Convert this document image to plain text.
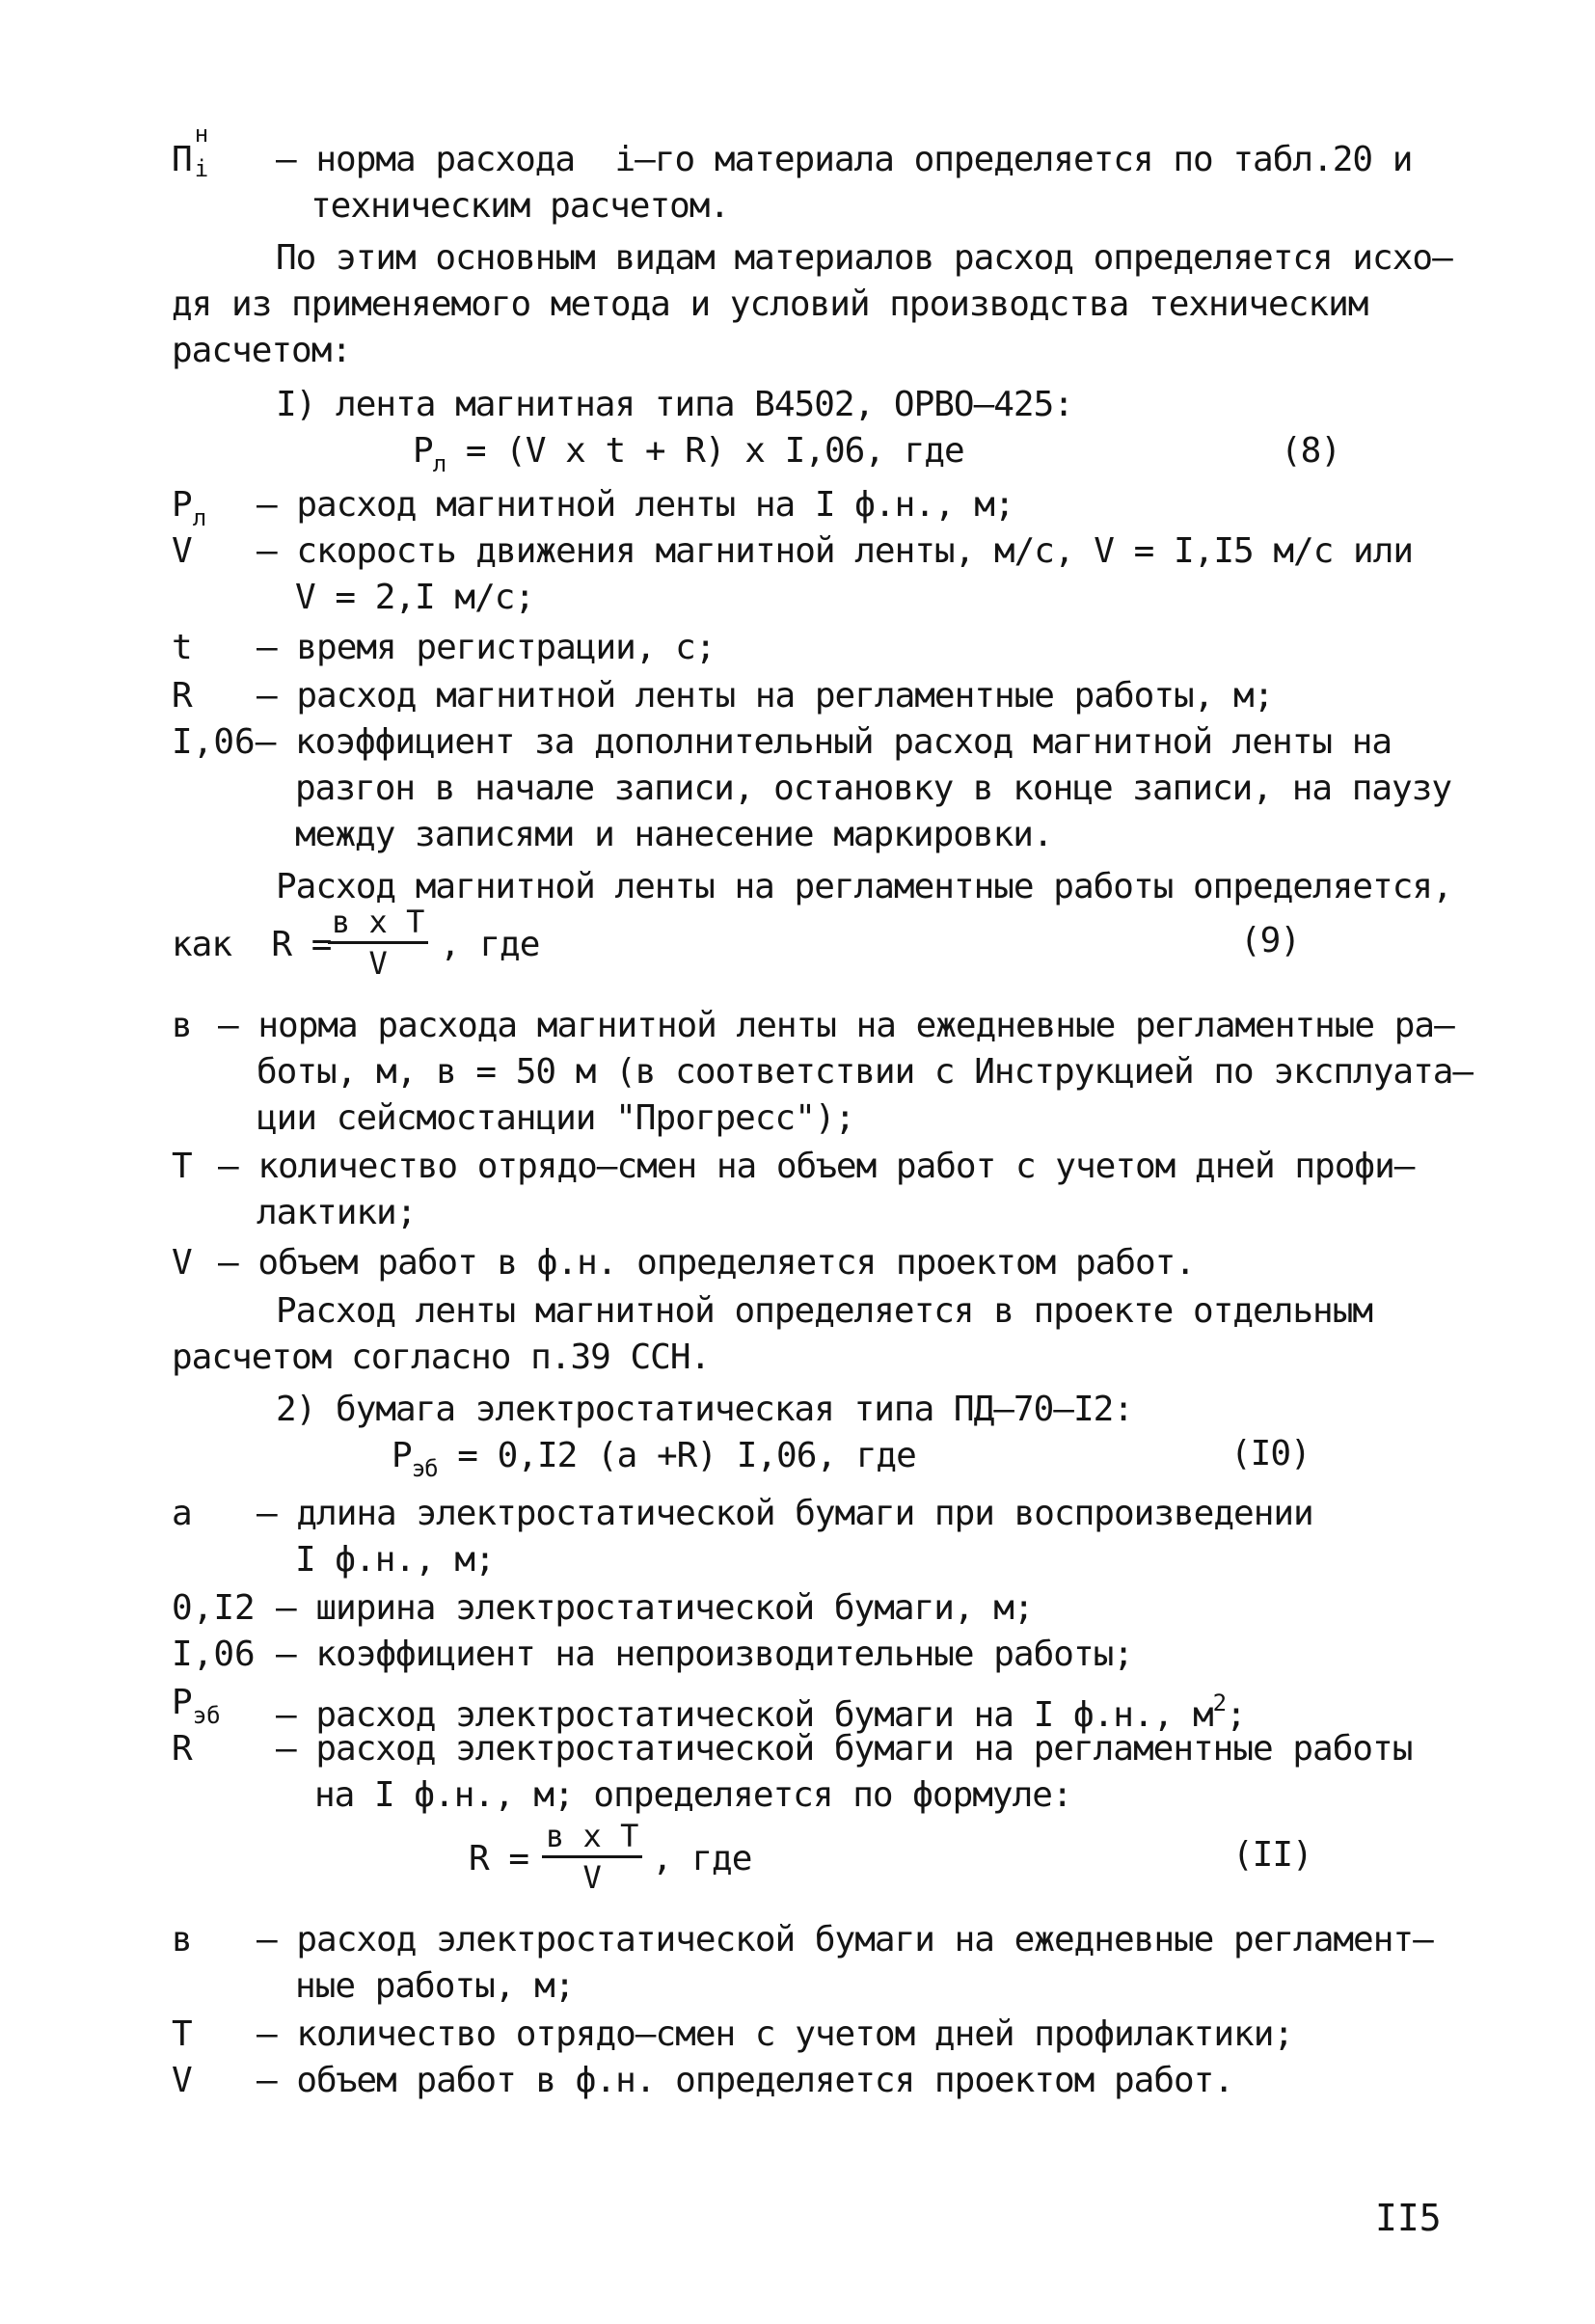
П
н
i – норма расхода  i–го материала определяется по табл.20 и
техническим расчетом.
По этим основным видам материалов расход определяется исхо–
дя из применяемого метода и условий производства техническим
расчетом:
I) лента магнитная типа В4502, ОРВО–425:
$Р_л = (V$ х t + R) х I,06, где	(8)
$Р_л$ – расход магнитной ленты на I ф.н., м;
V – скорость движения магнитной ленты, м/с, V = I,I5 м/с или
V = 2,I м/с;
t – время регистрации, с;
R – расход магнитной ленты на регламентные работы, м;
I,06– коэффициент за дополнительный расход магнитной ленты на
разгон в начале записи, остановку в конце записи, на паузу
между записями и нанесение маркировки.
Расход магнитной ленты на регламентные работы определяется,
как  R =
в х Т
V	, где	(9)
в – норма расхода магнитной ленты на ежедневные регламентные ра–
боты, м, в = 50 м (в соответствии с Инструкцией по эксплуата–
ции сейсмостанции "Прогресс");
Т – количество отрядо–смен на объем работ с учетом дней профи–
лактики;
V – объем работ в ф.н. определяется проектом работ.
Расход ленты магнитной определяется в проекте отдельным
расчетом согласно п.39 ССН.
2) бумага электростатическая типа ПД–70–I2:
$Р_{эб} = 0,I2$ (a +R) I,06, где	(I0)
а – длина электростатической бумаги при воспроизведении
I ф.н., м;
0,I2 – ширина электростатической бумаги, м;
I,06 – коэффициент на непроизводительные работы;
$Р_{эб}$ – расход электростатической бумаги на I ф.н., $м^2$;
R – расход электростатической бумаги на регламентные работы
на I ф.н., м; определяется по формуле:
R =
в х Т
V	, где	(II)
в – расход электростатической бумаги на ежедневные регламент–
ные работы, м;
Т – количество отрядо–смен с учетом дней профилактики;
V – объем работ в ф.н. определяется проектом работ.
II5
